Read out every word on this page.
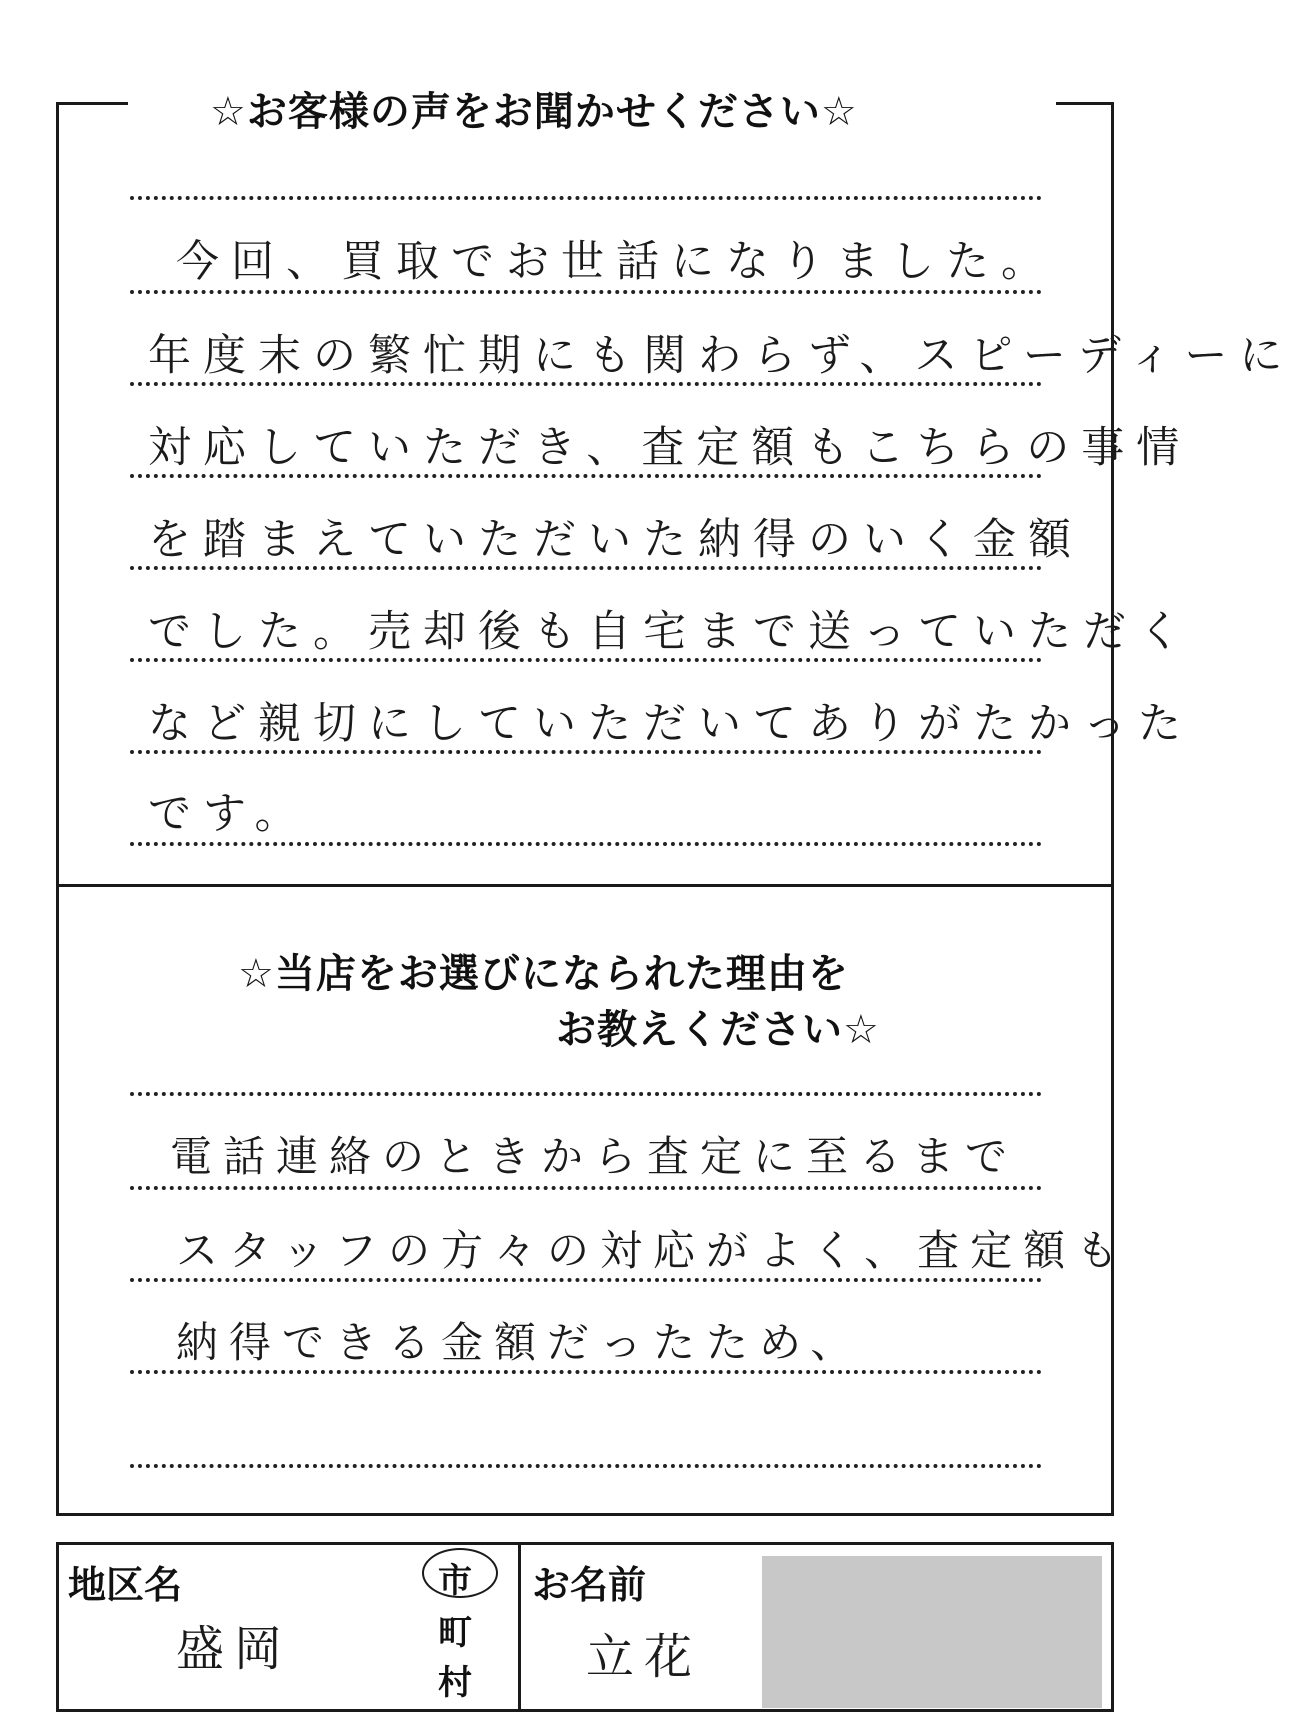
☆お客様の声をお聞かせください☆
今回、買取でお世話になりました。
年度末の繁忙期にも関わらず、スピーディーに
対応していただき、査定額もこちらの事情
を踏まえていただいた納得のいく金額
でした。売却後も自宅まで送っていただく
など親切にしていただいてありがたかった
です。
☆当店をお選びになられた理由を
お教えください☆
電話連絡のときから査定に至るまで
スタッフの方々の対応がよく、査定額も
納得できる金額だったため、
地区名
盛岡
市
町
村
お名前
立花
